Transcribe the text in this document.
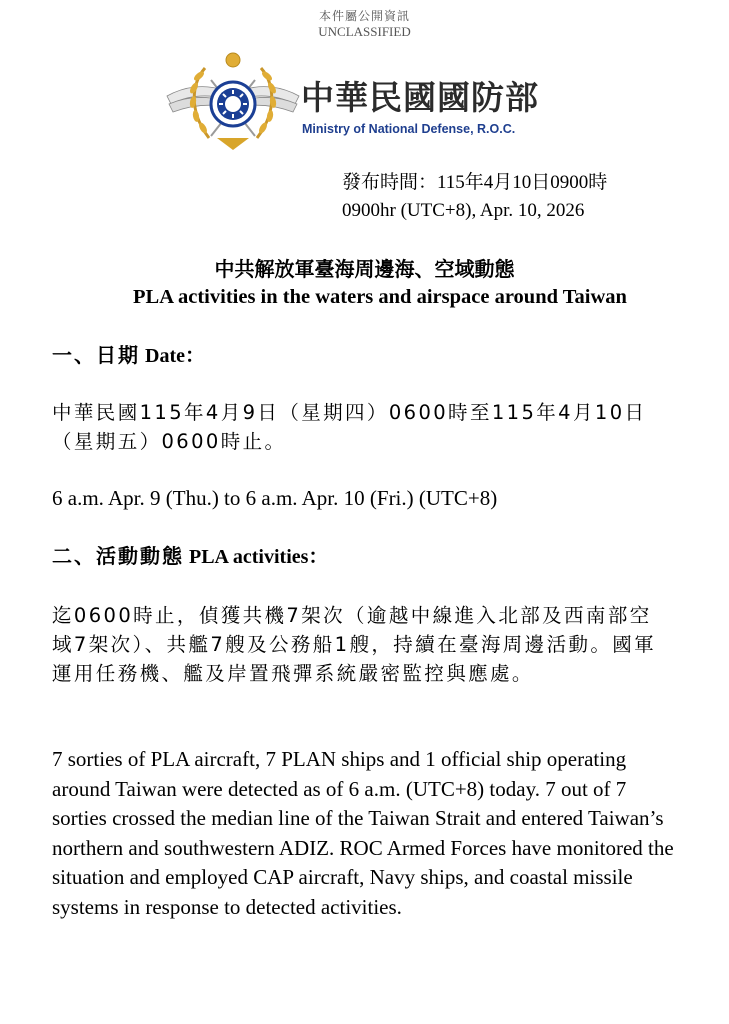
本件屬公開資訊
UNCLASSIFIED
中華民國國防部
Ministry of National Defense, R.O.C.
發布時間：115年4月10日0900時
0900hr (UTC+8), Apr. 10, 2026
中共解放軍臺海周邊海、空域動態
PLA activities in the waters and airspace around Taiwan
一、日期 Date：
中華民國115年4月9日（星期四）0600時至115年4月10日（星期五）0600時止。
6 a.m. Apr. 9 (Thu.) to 6 a.m. Apr. 10 (Fri.) (UTC+8)
二、活動動態 PLA activities：
迄0600時止，偵獲共機7架次（逾越中線進入北部及西南部空域7架次）、共艦7艘及公務船1艘，持續在臺海周邊活動。國軍運用任務機、艦及岸置飛彈系統嚴密監控與應處。
7 sorties of PLA aircraft, 7 PLAN ships and 1 official ship operating around Taiwan were detected as of 6 a.m. (UTC+8) today. 7 out of 7 sorties crossed the median line of the Taiwan Strait and entered Taiwan’s northern and southwestern ADIZ. ROC Armed Forces have monitored the situation and employed CAP aircraft, Navy ships, and coastal missile systems in response to detected activities.
